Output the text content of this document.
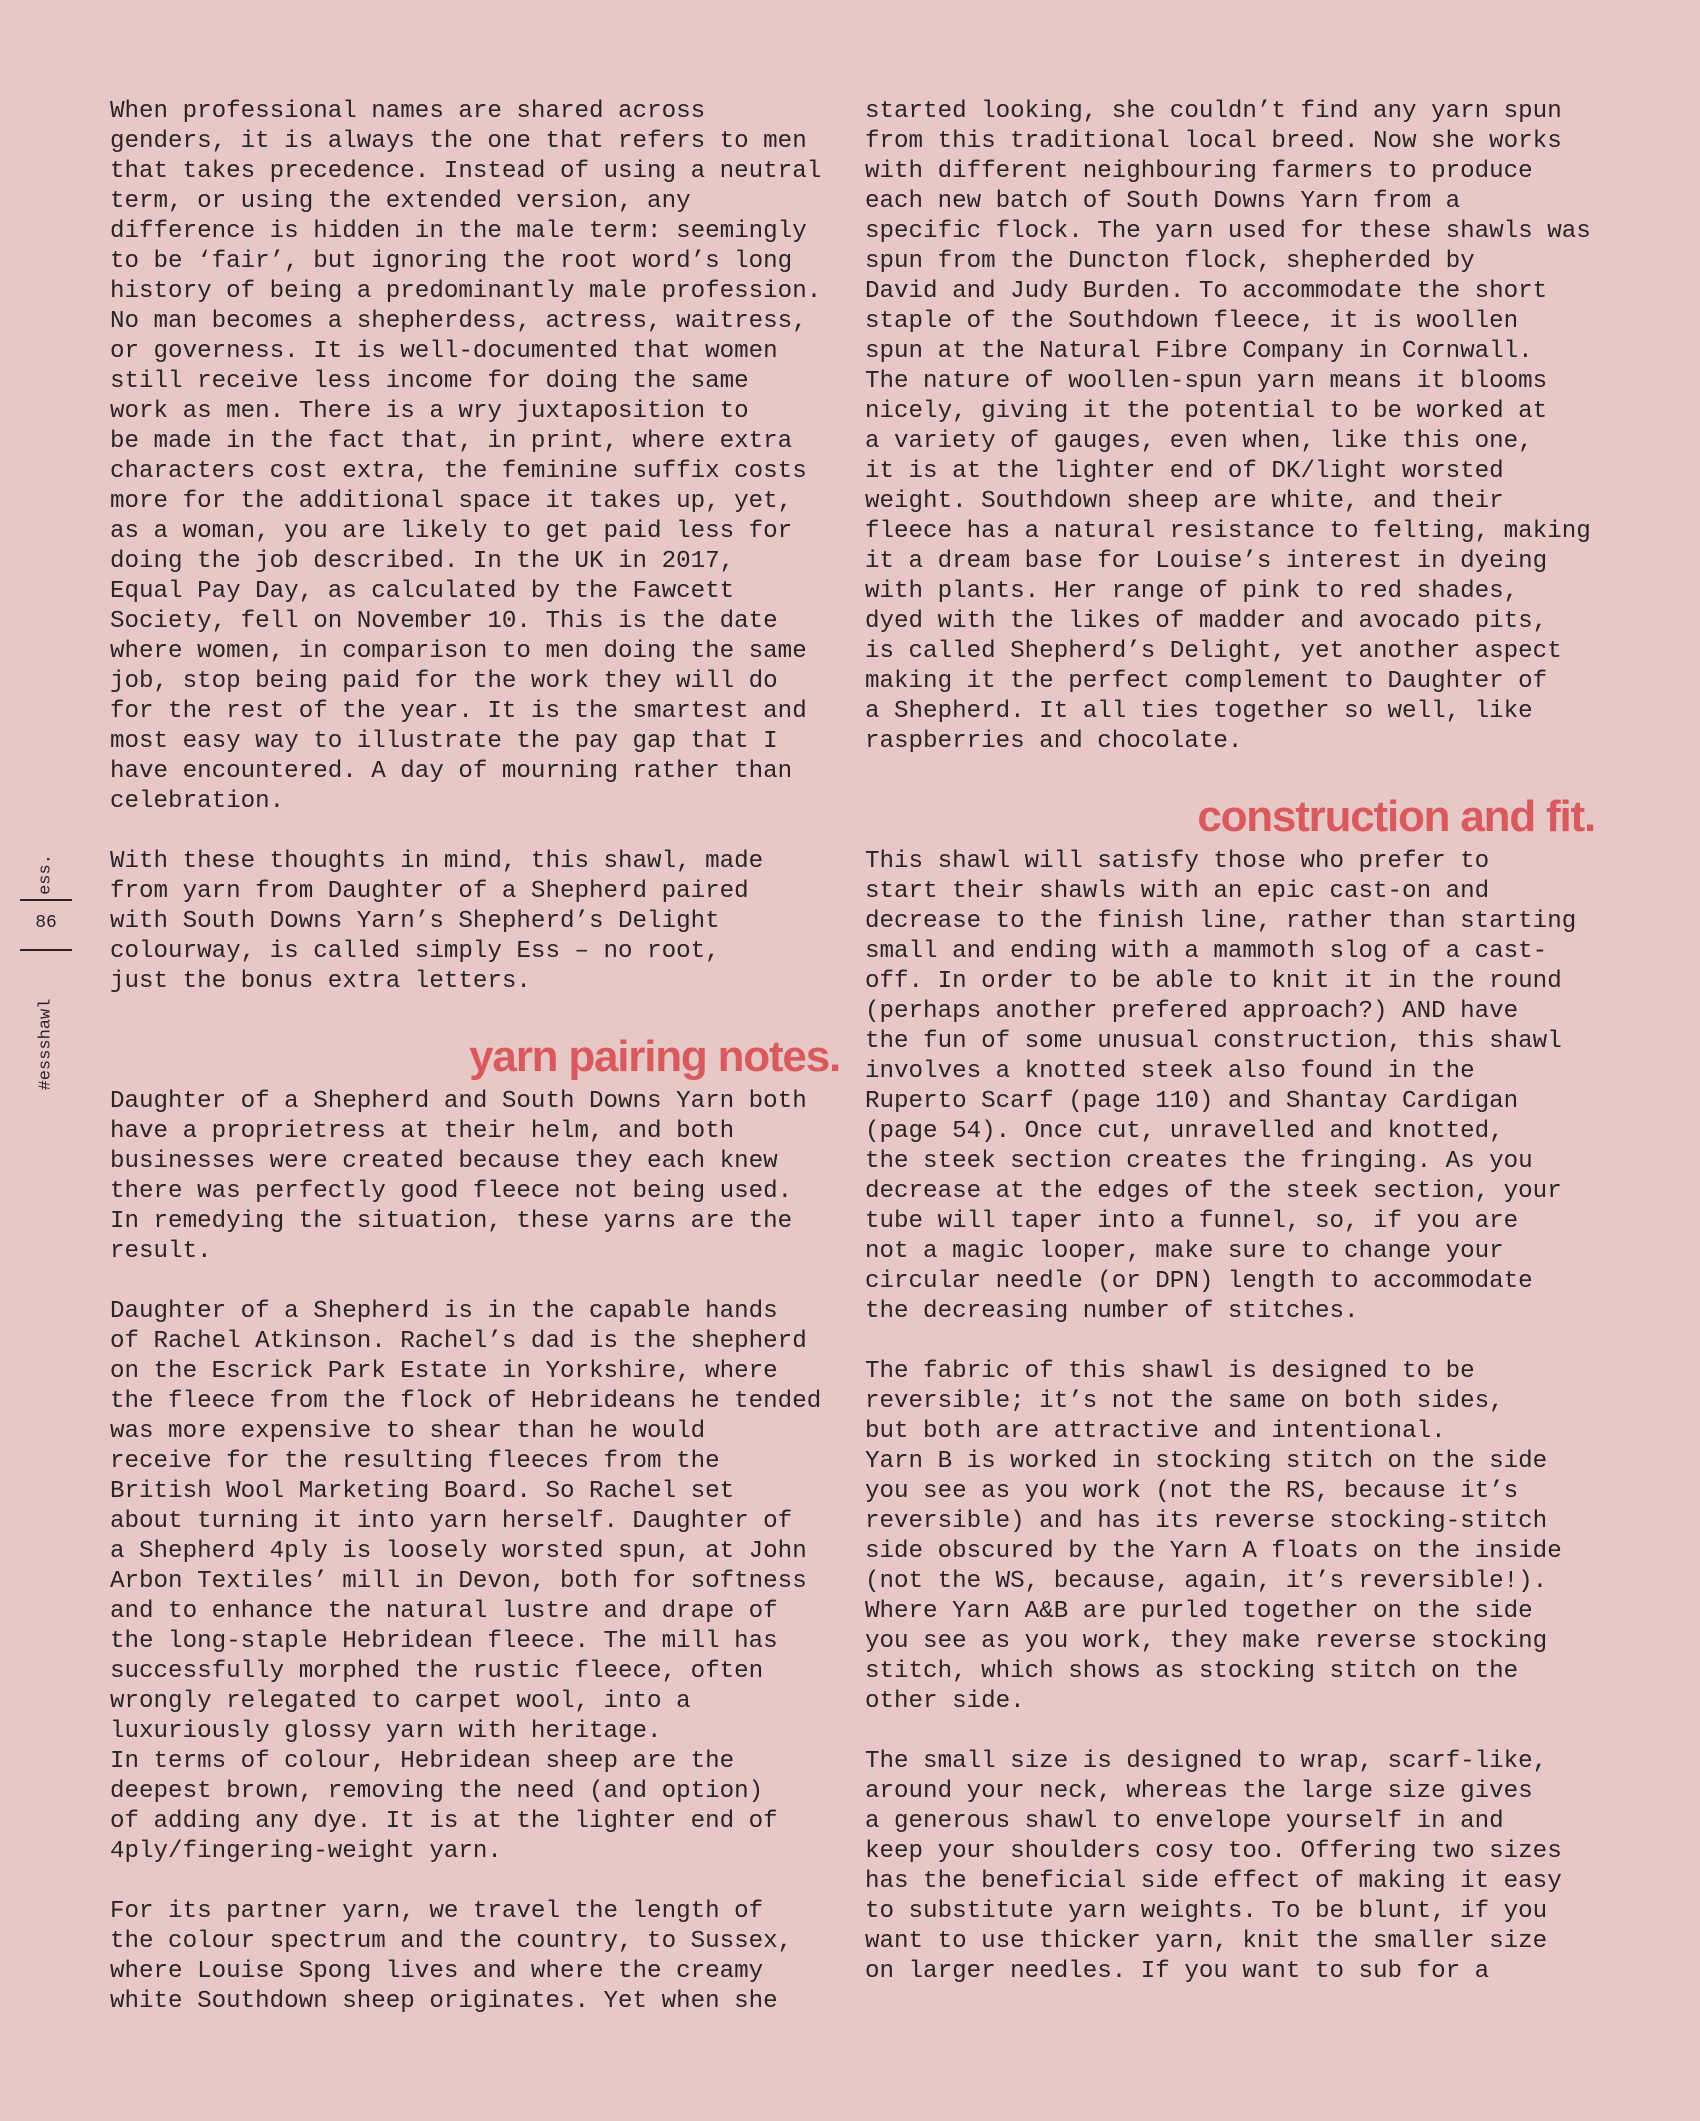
ess.
86
#essshawl
When professional names are shared across
genders, it is always the one that refers to men
that takes precedence. Instead of using a neutral
term, or using the extended version, any
difference is hidden in the male term: seemingly
to be ‘fair’, but ignoring the root word’s long
history of being a predominantly male profession.
No man becomes a shepherdess, actress, waitress,
or governess. It is well-documented that women
still receive less income for doing the same
work as men. There is a wry juxtaposition to
be made in the fact that, in print, where extra
characters cost extra, the feminine suffix costs
more for the additional space it takes up, yet,
as a woman, you are likely to get paid less for
doing the job described. In the UK in 2017,
Equal Pay Day, as calculated by the Fawcett
Society, fell on November 10. This is the date
where women, in comparison to men doing the same
job, stop being paid for the work they will do
for the rest of the year. It is the smartest and
most easy way to illustrate the pay gap that I
have encountered. A day of mourning rather than
celebration.
With these thoughts in mind, this shawl, made
from yarn from Daughter of a Shepherd paired
with South Downs Yarn’s Shepherd’s Delight
colourway, is called simply Ess – no root,
just the bonus extra letters.
yarn pairing notes.
Daughter of a Shepherd and South Downs Yarn both
have a proprietress at their helm, and both
businesses were created because they each knew
there was perfectly good fleece not being used.
In remedying the situation, these yarns are the
result.
Daughter of a Shepherd is in the capable hands
of Rachel Atkinson. Rachel’s dad is the shepherd
on the Escrick Park Estate in Yorkshire, where
the fleece from the flock of Hebrideans he tended
was more expensive to shear than he would
receive for the resulting fleeces from the
British Wool Marketing Board. So Rachel set
about turning it into yarn herself. Daughter of
a Shepherd 4ply is loosely worsted spun, at John
Arbon Textiles’ mill in Devon, both for softness
and to enhance the natural lustre and drape of
the long-staple Hebridean fleece. The mill has
successfully morphed the rustic fleece, often
wrongly relegated to carpet wool, into a
luxuriously glossy yarn with heritage.
In terms of colour, Hebridean sheep are the
deepest brown, removing the need (and option)
of adding any dye. It is at the lighter end of
4ply/fingering-weight yarn.
For its partner yarn, we travel the length of
the colour spectrum and the country, to Sussex,
where Louise Spong lives and where the creamy
white Southdown sheep originates. Yet when she
started looking, she couldn’t find any yarn spun
from this traditional local breed. Now she works
with different neighbouring farmers to produce
each new batch of South Downs Yarn from a
specific flock. The yarn used for these shawls was
spun from the Duncton flock, shepherded by
David and Judy Burden. To accommodate the short
staple of the Southdown fleece, it is woollen
spun at the Natural Fibre Company in Cornwall.
The nature of woollen-spun yarn means it blooms
nicely, giving it the potential to be worked at
a variety of gauges, even when, like this one,
it is at the lighter end of DK/light worsted
weight. Southdown sheep are white, and their
fleece has a natural resistance to felting, making
it a dream base for Louise’s interest in dyeing
with plants. Her range of pink to red shades,
dyed with the likes of madder and avocado pits,
is called Shepherd’s Delight, yet another aspect
making it the perfect complement to Daughter of
a Shepherd. It all ties together so well, like
raspberries and chocolate.
construction and fit.
This shawl will satisfy those who prefer to
start their shawls with an epic cast-on and
decrease to the finish line, rather than starting
small and ending with a mammoth slog of a cast-
off. In order to be able to knit it in the round
(perhaps another prefered approach?) AND have
the fun of some unusual construction, this shawl
involves a knotted steek also found in the
Ruperto Scarf (page 110) and Shantay Cardigan
(page 54). Once cut, unravelled and knotted,
the steek section creates the fringing. As you
decrease at the edges of the steek section, your
tube will taper into a funnel, so, if you are
not a magic looper, make sure to change your
circular needle (or DPN) length to accommodate
the decreasing number of stitches.
The fabric of this shawl is designed to be
reversible; it’s not the same on both sides,
but both are attractive and intentional.
Yarn B is worked in stocking stitch on the side
you see as you work (not the RS, because it’s
reversible) and has its reverse stocking-stitch
side obscured by the Yarn A floats on the inside
(not the WS, because, again, it’s reversible!).
Where Yarn A&B are purled together on the side
you see as you work, they make reverse stocking
stitch, which shows as stocking stitch on the
other side.
The small size is designed to wrap, scarf-like,
around your neck, whereas the large size gives
a generous shawl to envelope yourself in and
keep your shoulders cosy too. Offering two sizes
has the beneficial side effect of making it easy
to substitute yarn weights. To be blunt, if you
want to use thicker yarn, knit the smaller size
on larger needles. If you want to sub for a
